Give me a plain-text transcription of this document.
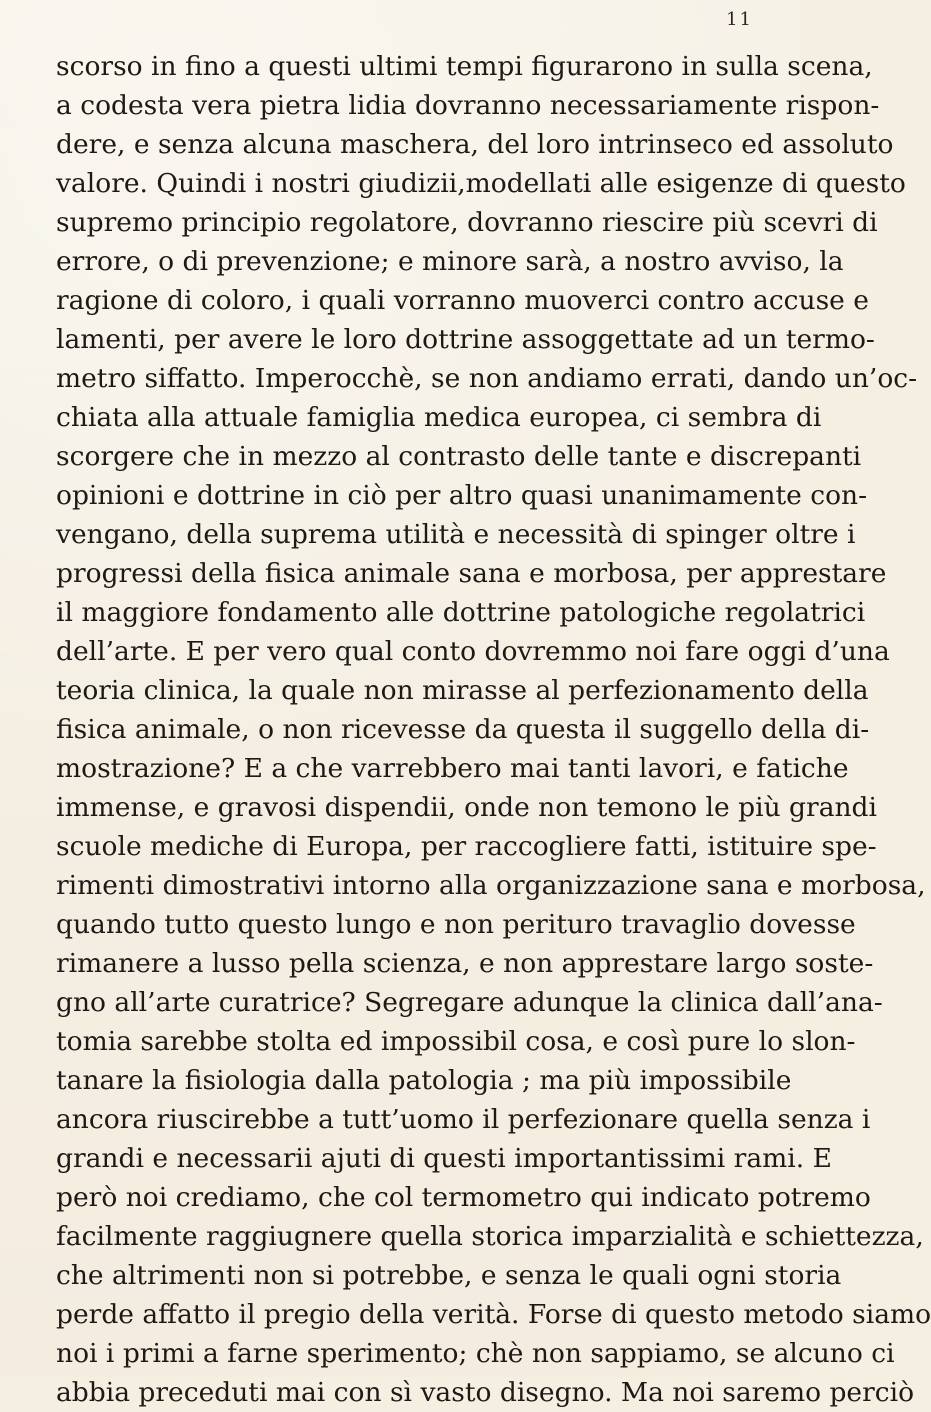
11
scorso in fino a questi ultimi tempi figurarono in sulla scena,
a codesta vera pietra lidia dovranno necessariamente rispon-
dere, e senza alcuna maschera, del loro intrinseco ed assoluto
valore. Quindi i nostri giudizii,modellati alle esigenze di questo
supremo principio regolatore, dovranno riescire più scevri di
errore, o di prevenzione; e minore sarà, a nostro avviso, la
ragione di coloro, i quali vorranno muoverci contro accuse e
lamenti, per avere le loro dottrine assoggettate ad un termo-
metro siffatto. Imperocchè, se non andiamo errati, dando un’oc-
chiata alla attuale famiglia medica europea, ci sembra di
scorgere che in mezzo al contrasto delle tante e discrepanti
opinioni e dottrine in ciò per altro quasi unanimamente con-
vengano, della suprema utilità e necessità di spinger oltre i
progressi della fisica animale sana e morbosa, per apprestare
il maggiore fondamento alle dottrine patologiche regolatrici
dell’arte. E per vero qual conto dovremmo noi fare oggi d’una
teoria clinica, la quale non mirasse al perfezionamento della
fisica animale, o non ricevesse da questa il suggello della di-
mostrazione? E a che varrebbero mai tanti lavori, e fatiche
immense, e gravosi dispendii, onde non temono le più grandi
scuole mediche di Europa, per raccogliere fatti, istituire spe-
rimenti dimostrativi intorno alla organizzazione sana e morbosa,
quando tutto questo lungo e non perituro travaglio dovesse
rimanere a lusso pella scienza, e non apprestare largo soste-
gno all’arte curatrice? Segregare adunque la clinica dall’ana-
tomia sarebbe stolta ed impossibil cosa, e così pure lo slon-
tanare la fisiologia dalla patologia ; ma più impossibile
ancora riuscirebbe a tutt’uomo il perfezionare quella senza i
grandi e necessarii ajuti di questi importantissimi rami. E
però noi crediamo, che col termometro qui indicato potremo
facilmente raggiugnere quella storica imparzialità e schiettezza,
che altrimenti non si potrebbe, e senza le quali ogni storia
perde affatto il pregio della verità. Forse di questo metodo siamo
noi i primi a farne sperimento; chè non sappiamo, se alcuno ci
abbia preceduti mai con sì vasto disegno. Ma noi saremo perciò
